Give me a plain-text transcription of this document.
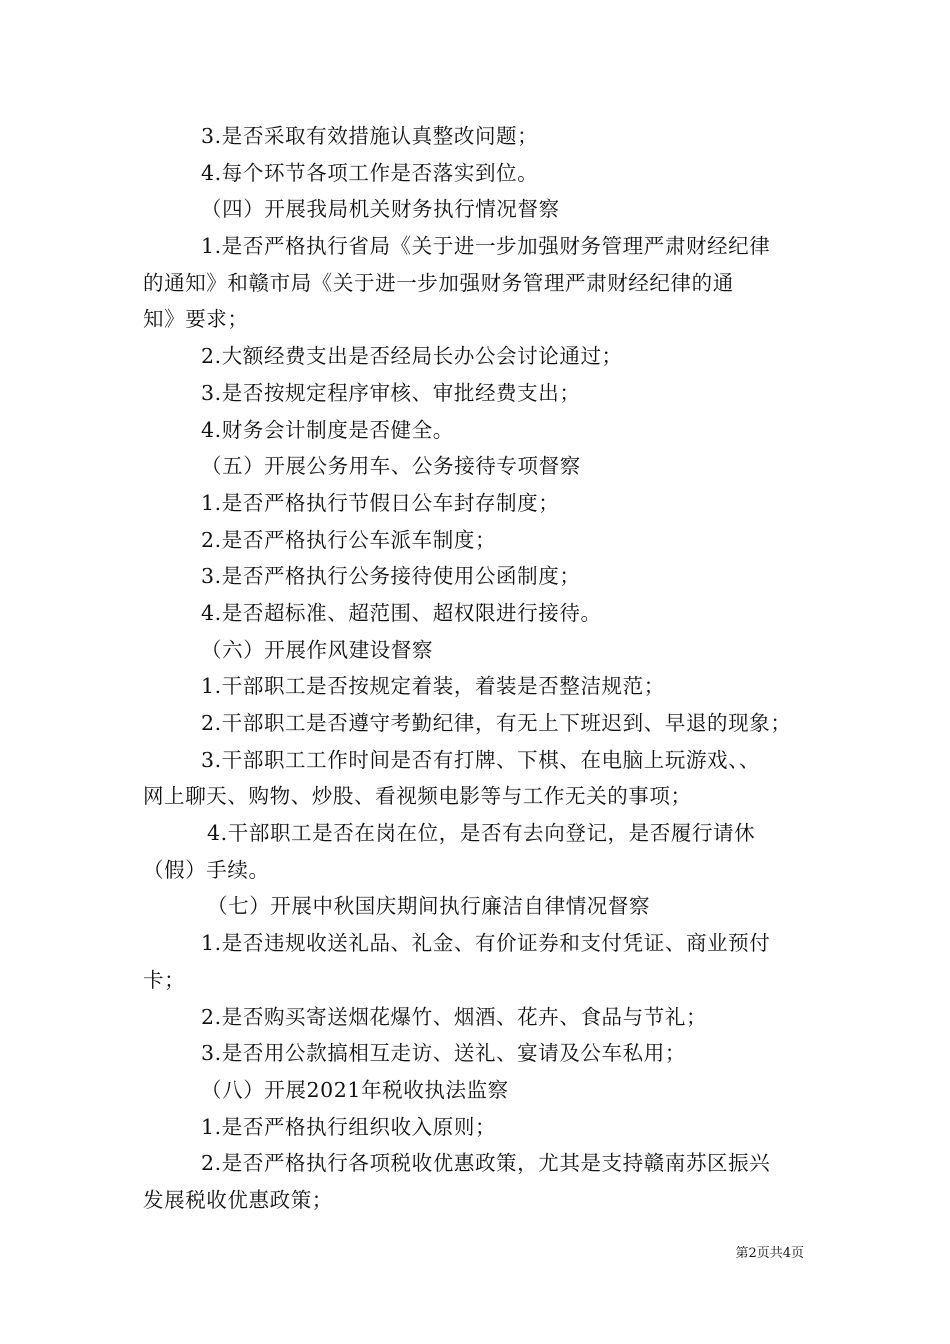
3.是否采取有效措施认真整改问题；

4.每个环节各项工作是否落实到位。

（四）开展我局机关财务执行情况督察

1.是否严格执行省局《关于进一步加强财务管理严肃财经纪律

的通知》和赣市局《关于进一步加强财务管理严肃财经纪律的通

知》要求；

2.大额经费支出是否经局长办公会讨论通过；

3.是否按规定程序审核、审批经费支出；

4.财务会计制度是否健全。

（五）开展公务用车、公务接待专项督察

1.是否严格执行节假日公车封存制度；

2.是否严格执行公车派车制度；

3.是否严格执行公务接待使用公函制度；

4.是否超标准、超范围、超权限进行接待。

（六）开展作风建设督察

1.干部职工是否按规定着装，着装是否整洁规范；

2.干部职工是否遵守考勤纪律，有无上下班迟到、早退的现象；

3.干部职工工作时间是否有打牌、下棋、在电脑上玩游戏、、

网上聊天、购物、炒股、看视频电影等与工作无关的事项；

4.干部职工是否在岗在位，是否有去向登记，是否履行请休

（假）手续。

（七）开展中秋国庆期间执行廉洁自律情况督察

1.是否违规收送礼品、礼金、有价证券和支付凭证、商业预付

卡；

2.是否购买寄送烟花爆竹、烟酒、花卉、食品与节礼；

3.是否用公款搞相互走访、送礼、宴请及公车私用；

（八）开展2021年税收执法监察

1.是否严格执行组织收入原则；

2.是否严格执行各项税收优惠政策，尤其是支持赣南苏区振兴

发展税收优惠政策；

第2页共4页
